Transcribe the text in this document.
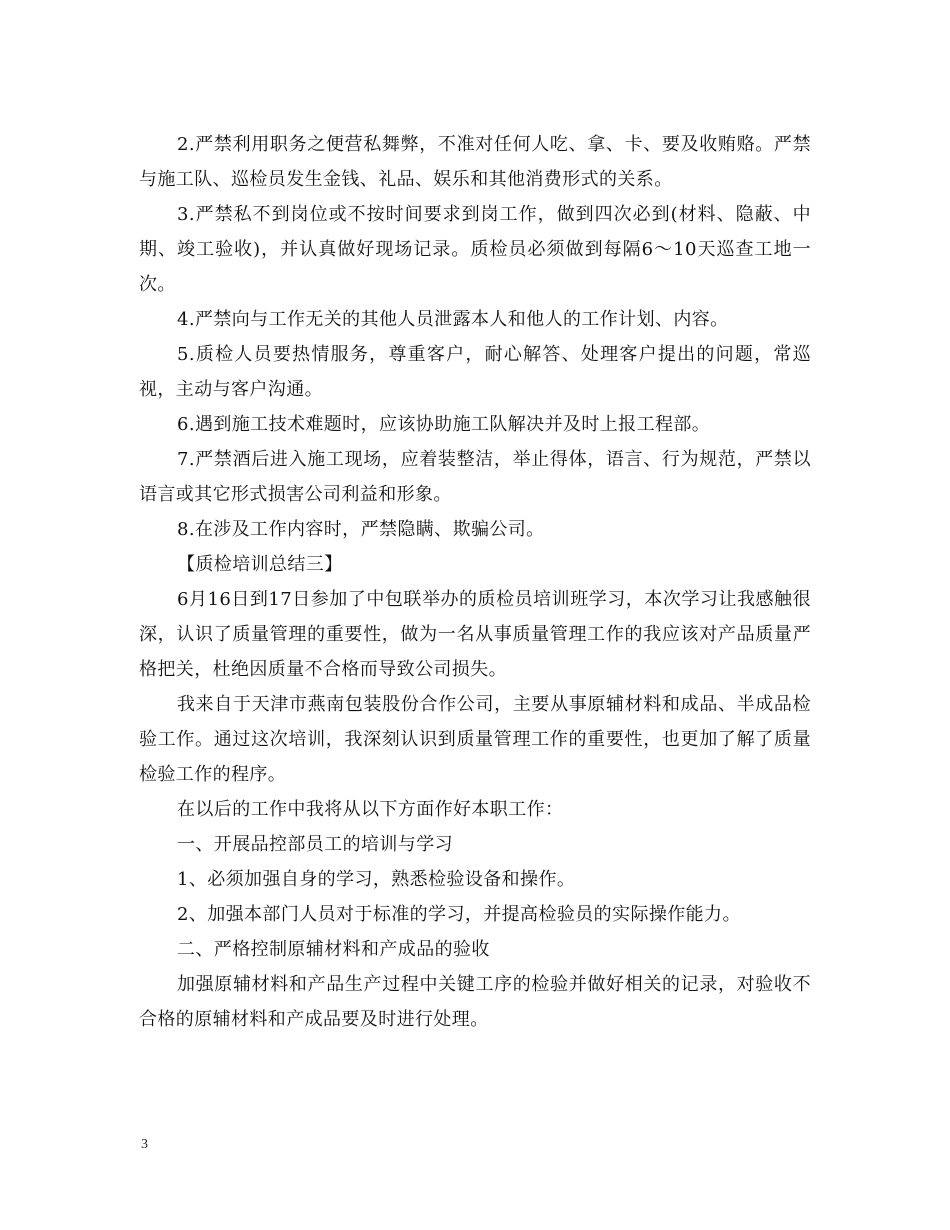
2.严禁利用职务之便营私舞弊，不准对任何人吃、拿、卡、要及收贿赂。严禁与施工队、巡检员发生金钱、礼品、娱乐和其他消费形式的关系。

3.严禁私不到岗位或不按时间要求到岗工作，做到四次必到(材料、隐蔽、中期、竣工验收)，并认真做好现场记录。质检员必须做到每隔6～10天巡查工地一次。

4.严禁向与工作无关的其他人员泄露本人和他人的工作计划、内容。

5.质检人员要热情服务，尊重客户，耐心解答、处理客户提出的问题，常巡视，主动与客户沟通。

6.遇到施工技术难题时，应该协助施工队解决并及时上报工程部。

7.严禁酒后进入施工现场，应着装整洁，举止得体，语言、行为规范，严禁以语言或其它形式损害公司利益和形象。

8.在涉及工作内容时，严禁隐瞒、欺骗公司。

【质检培训总结三】

6月16日到17日参加了中包联举办的质检员培训班学习，本次学习让我感触很深，认识了质量管理的重要性，做为一名从事质量管理工作的我应该对产品质量严格把关，杜绝因质量不合格而导致公司损失。

我来自于天津市燕南包装股份合作公司，主要从事原辅材料和成品、半成品检验工作。通过这次培训，我深刻认识到质量管理工作的重要性，也更加了解了质量检验工作的程序。

在以后的工作中我将从以下方面作好本职工作：

一、开展品控部员工的培训与学习

1、必须加强自身的学习，熟悉检验设备和操作。

2、加强本部门人员对于标准的学习，并提高检验员的实际操作能力。

二、严格控制原辅材料和产成品的验收

加强原辅材料和产品生产过程中关键工序的检验并做好相关的记录，对验收不合格的原辅材料和产成品要及时进行处理。

3
